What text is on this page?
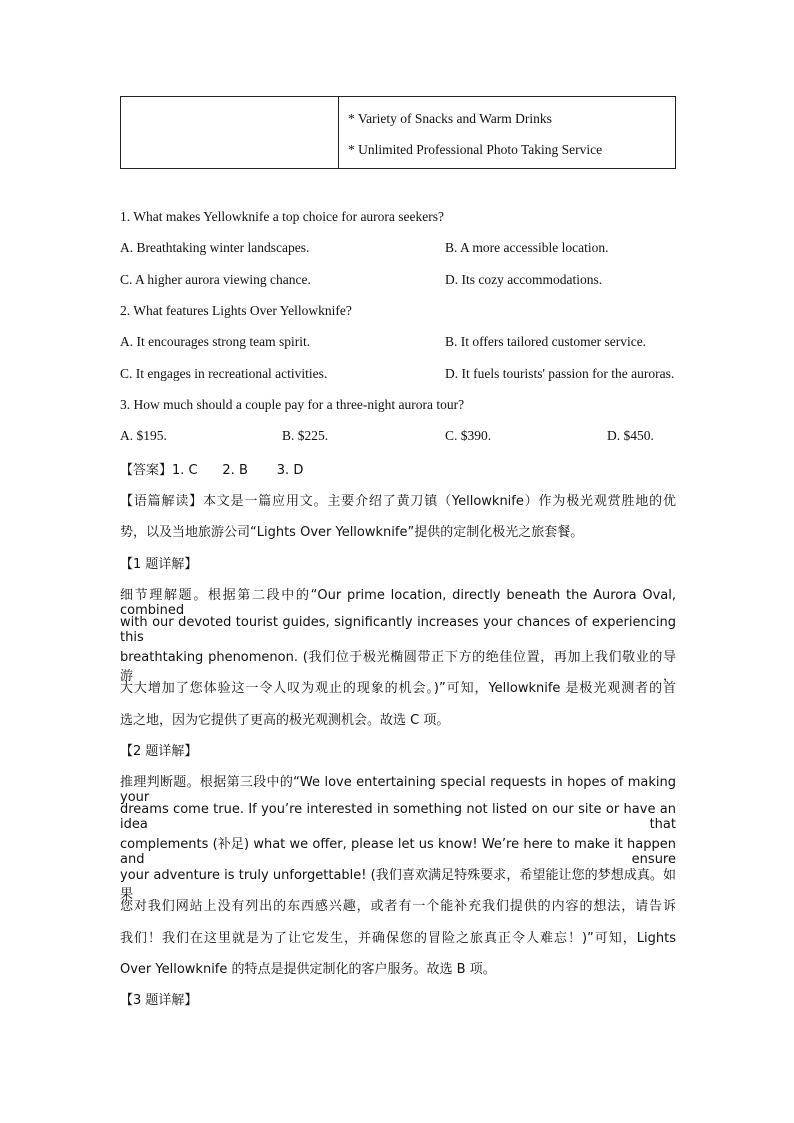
* Variety of Snacks and Warm Drinks
* Unlimited Professional Photo Taking Service
1. What makes Yellowknife a top choice for aurora seekers?
A. Breathtaking winter landscapes.	B. A more accessible location.
C. A higher aurora viewing chance.	D. Its cozy accommodations.
2. What features Lights Over Yellowknife?
A. It encourages strong team spirit.	B. It offers tailored customer service.
C. It engages in recreational activities.	D. It fuels tourists' passion for the auroras.
3. How much should a couple pay for a three-night aurora tour?
A. $195.	B. $225.	C. $390.	D. $450.
【答案】1. C      2. B       3. D
【语篇解读】本文是一篇应用文。主要介绍了黄刀镇（Yellowknife）作为极光观赏胜地的优
势，以及当地旅游公司“Lights Over Yellowknife”提供的定制化极光之旅套餐。
【1 题详解】
细节理解题。根据第二段中的“Our prime location, directly beneath the Aurora Oval, combined
with our devoted tourist guides, significantly increases your chances of experiencing this
breathtaking phenomenon. (我们位于极光椭圆带正下方的绝佳位置，再加上我们敬业的导游，
大大增加了您体验这一令人叹为观止的现象的机会。)”可知，Yellowknife 是极光观测者的首
选之地，因为它提供了更高的极光观测机会。故选 C 项。
【2 题详解】
推理判断题。根据第三段中的“We love entertaining special requests in hopes of making your
dreams come true. If you’re interested in something not listed on our site or have an idea that
complements (补足) what we offer, please let us know! We’re here to make it happen and ensure
your adventure is truly unforgettable! (我们喜欢满足特殊要求，希望能让您的梦想成真。如果
您对我们网站上没有列出的东西感兴趣，或者有一个能补充我们提供的内容的想法，请告诉
我们！我们在这里就是为了让它发生，并确保您的冒险之旅真正令人难忘！)”可知，Lights
Over Yellowknife 的特点是提供定制化的客户服务。故选 B 项。
【3 题详解】
